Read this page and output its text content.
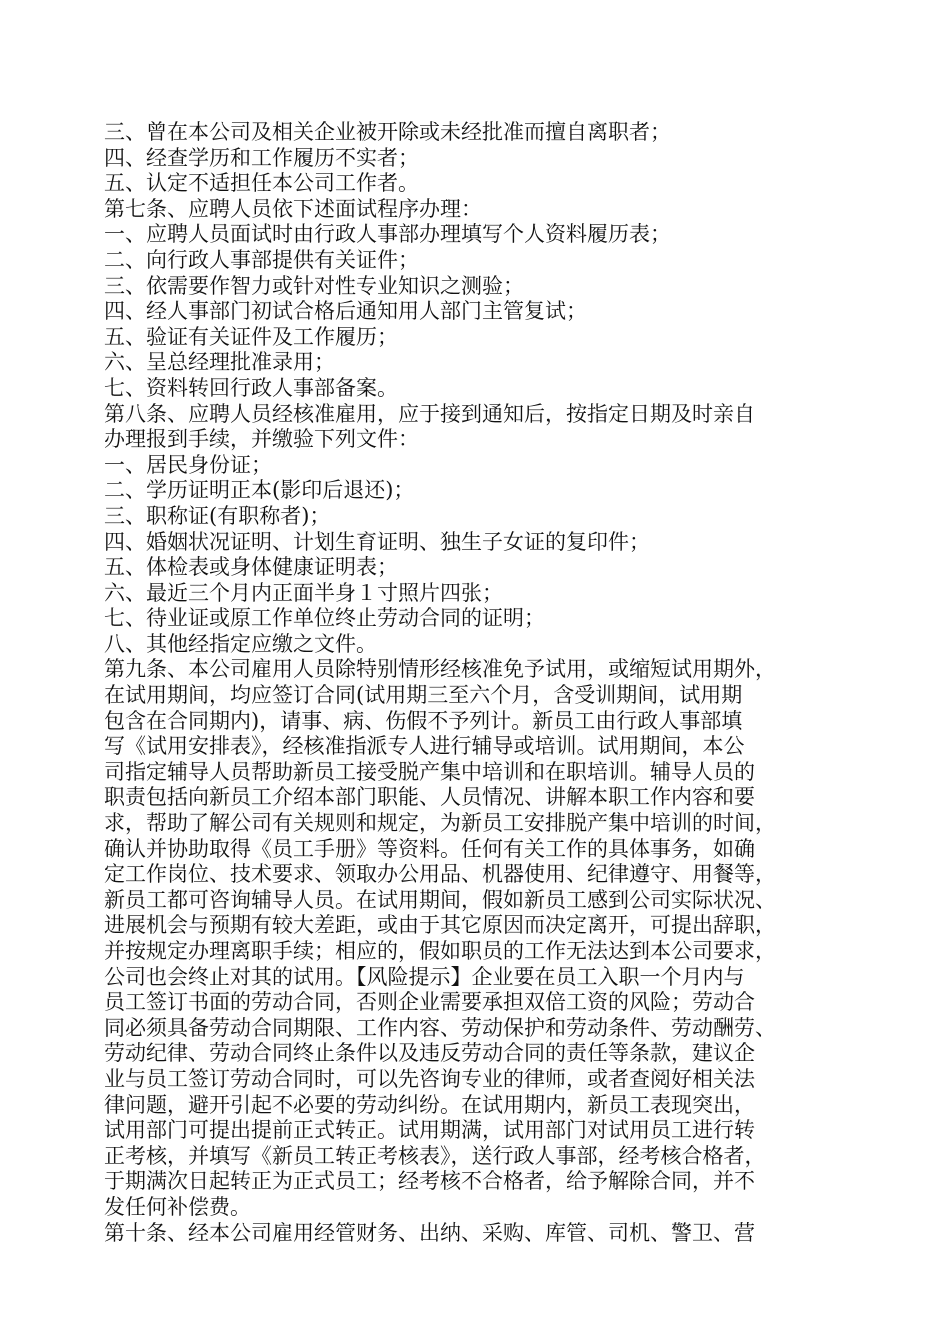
三、曾在本公司及相关企业被开除或未经批准而擅自离职者；
四、经查学历和工作履历不实者；
五、认定不适担任本公司工作者。
第七条、应聘人员依下述面试程序办理：
一、应聘人员面试时由行政人事部办理填写个人资料履历表；
二、向行政人事部提供有关证件；
三、依需要作智力或针对性专业知识之测验；
四、经人事部门初试合格后通知用人部门主管复试；
五、验证有关证件及工作履历；
六、呈总经理批准录用；
七、资料转回行政人事部备案。
第八条、应聘人员经核准雇用，应于接到通知后，按指定日期及时亲自
办理报到手续，并缴验下列文件：
一、居民身份证；
二、学历证明正本(影印后退还)；
三、职称证(有职称者)；
四、婚姻状况证明、计划生育证明、独生子女证的复印件；
五、体检表或身体健康证明表；
六、最近三个月内正面半身１寸照片四张；
七、待业证或原工作单位终止劳动合同的证明；
八、其他经指定应缴之文件。
第九条、本公司雇用人员除特别情形经核准免予试用，或缩短试用期外，
在试用期间，均应签订合同(试用期三至六个月，含受训期间，试用期
包含在合同期内)，请事、病、伤假不予列计。新员工由行政人事部填
写《试用安排表》，经核准指派专人进行辅导或培训。试用期间，本公
司指定辅导人员帮助新员工接受脱产集中培训和在职培训。辅导人员的
职责包括向新员工介绍本部门职能、人员情况、讲解本职工作内容和要
求，帮助了解公司有关规则和规定，为新员工安排脱产集中培训的时间，
确认并协助取得《员工手册》等资料。任何有关工作的具体事务，如确
定工作岗位、技术要求、领取办公用品、机器使用、纪律遵守、用餐等，
新员工都可咨询辅导人员。在试用期间，假如新员工感到公司实际状况、
进展机会与预期有较大差距，或由于其它原因而决定离开，可提出辞职，
并按规定办理离职手续；相应的，假如职员的工作无法达到本公司要求，
公司也会终止对其的试用。【风险提示】企业要在员工入职一个月内与
员工签订书面的劳动合同，否则企业需要承担双倍工资的风险；劳动合
同必须具备劳动合同期限、工作内容、劳动保护和劳动条件、劳动酬劳、
劳动纪律、劳动合同终止条件以及违反劳动合同的责任等条款，建议企
业与员工签订劳动合同时，可以先咨询专业的律师，或者查阅好相关法
律问题，避开引起不必要的劳动纠纷。在试用期内，新员工表现突出，
试用部门可提出提前正式转正。试用期满，试用部门对试用员工进行转
正考核，并填写《新员工转正考核表》，送行政人事部，经考核合格者，
于期满次日起转正为正式员工；经考核不合格者，给予解除合同，并不
发任何补偿费。
第十条、经本公司雇用经管财务、出纳、采购、库管、司机、警卫、营
